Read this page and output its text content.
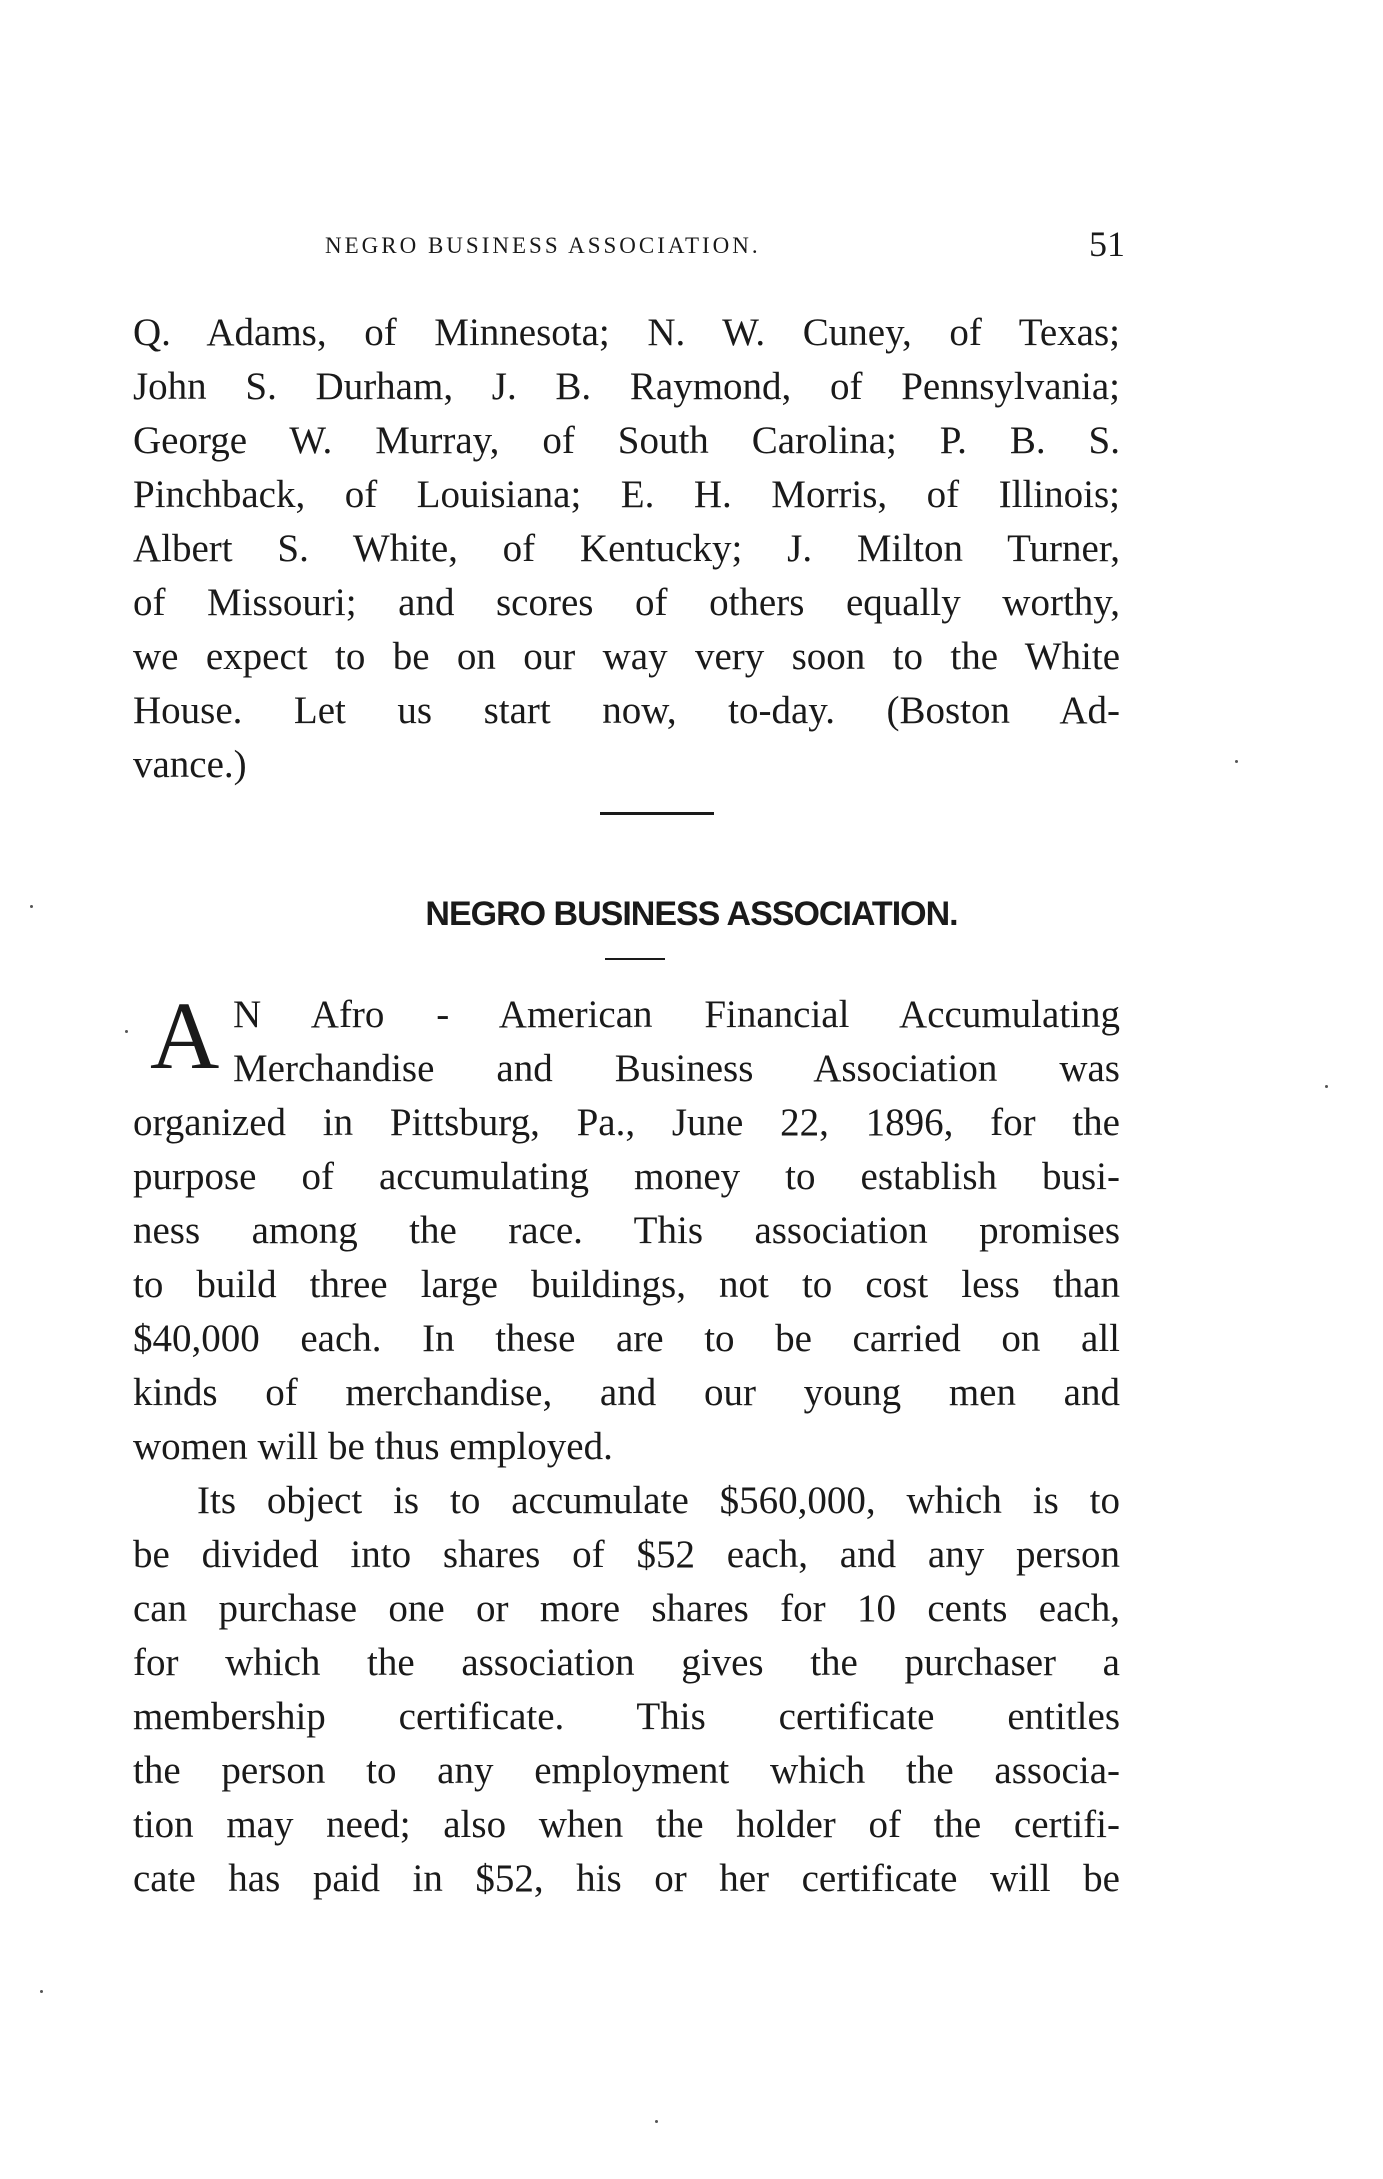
NEGRO BUSINESS ASSOCIATION.	51
Q. Adams, of Minnesota; N. W. Cuney, of Texas;
John S. Durham, J. B. Raymond, of Pennsylvania;
George W. Murray, of South Carolina; P. B. S.
Pinchback, of Louisiana; E. H. Morris, of Illinois;
Albert S. White, of Kentucky; J. Milton Turner,
of Missouri; and scores of others equally worthy,
we expect to be on our way very soon to the White
House. Let us start now, to-day. (Boston Ad-
vance.)
NEGRO BUSINESS ASSOCIATION.
A N Afro - American Financial Accumulating
Merchandise and Business Association was
organized in Pittsburg, Pa., June 22, 1896, for the
purpose of accumulating money to establish busi-
ness among the race. This association promises
to build three large buildings, not to cost less than
$40,000 each. In these are to be carried on all
kinds of merchandise, and our young men and
women will be thus employed.
Its object is to accumulate $560,000, which is to
be divided into shares of $52 each, and any person
can purchase one or more shares for 10 cents each,
for which the association gives the purchaser a
membership certificate. This certificate entitles
the person to any employment which the associa-
tion may need; also when the holder of the certifi-
cate has paid in $52, his or her certificate will be
